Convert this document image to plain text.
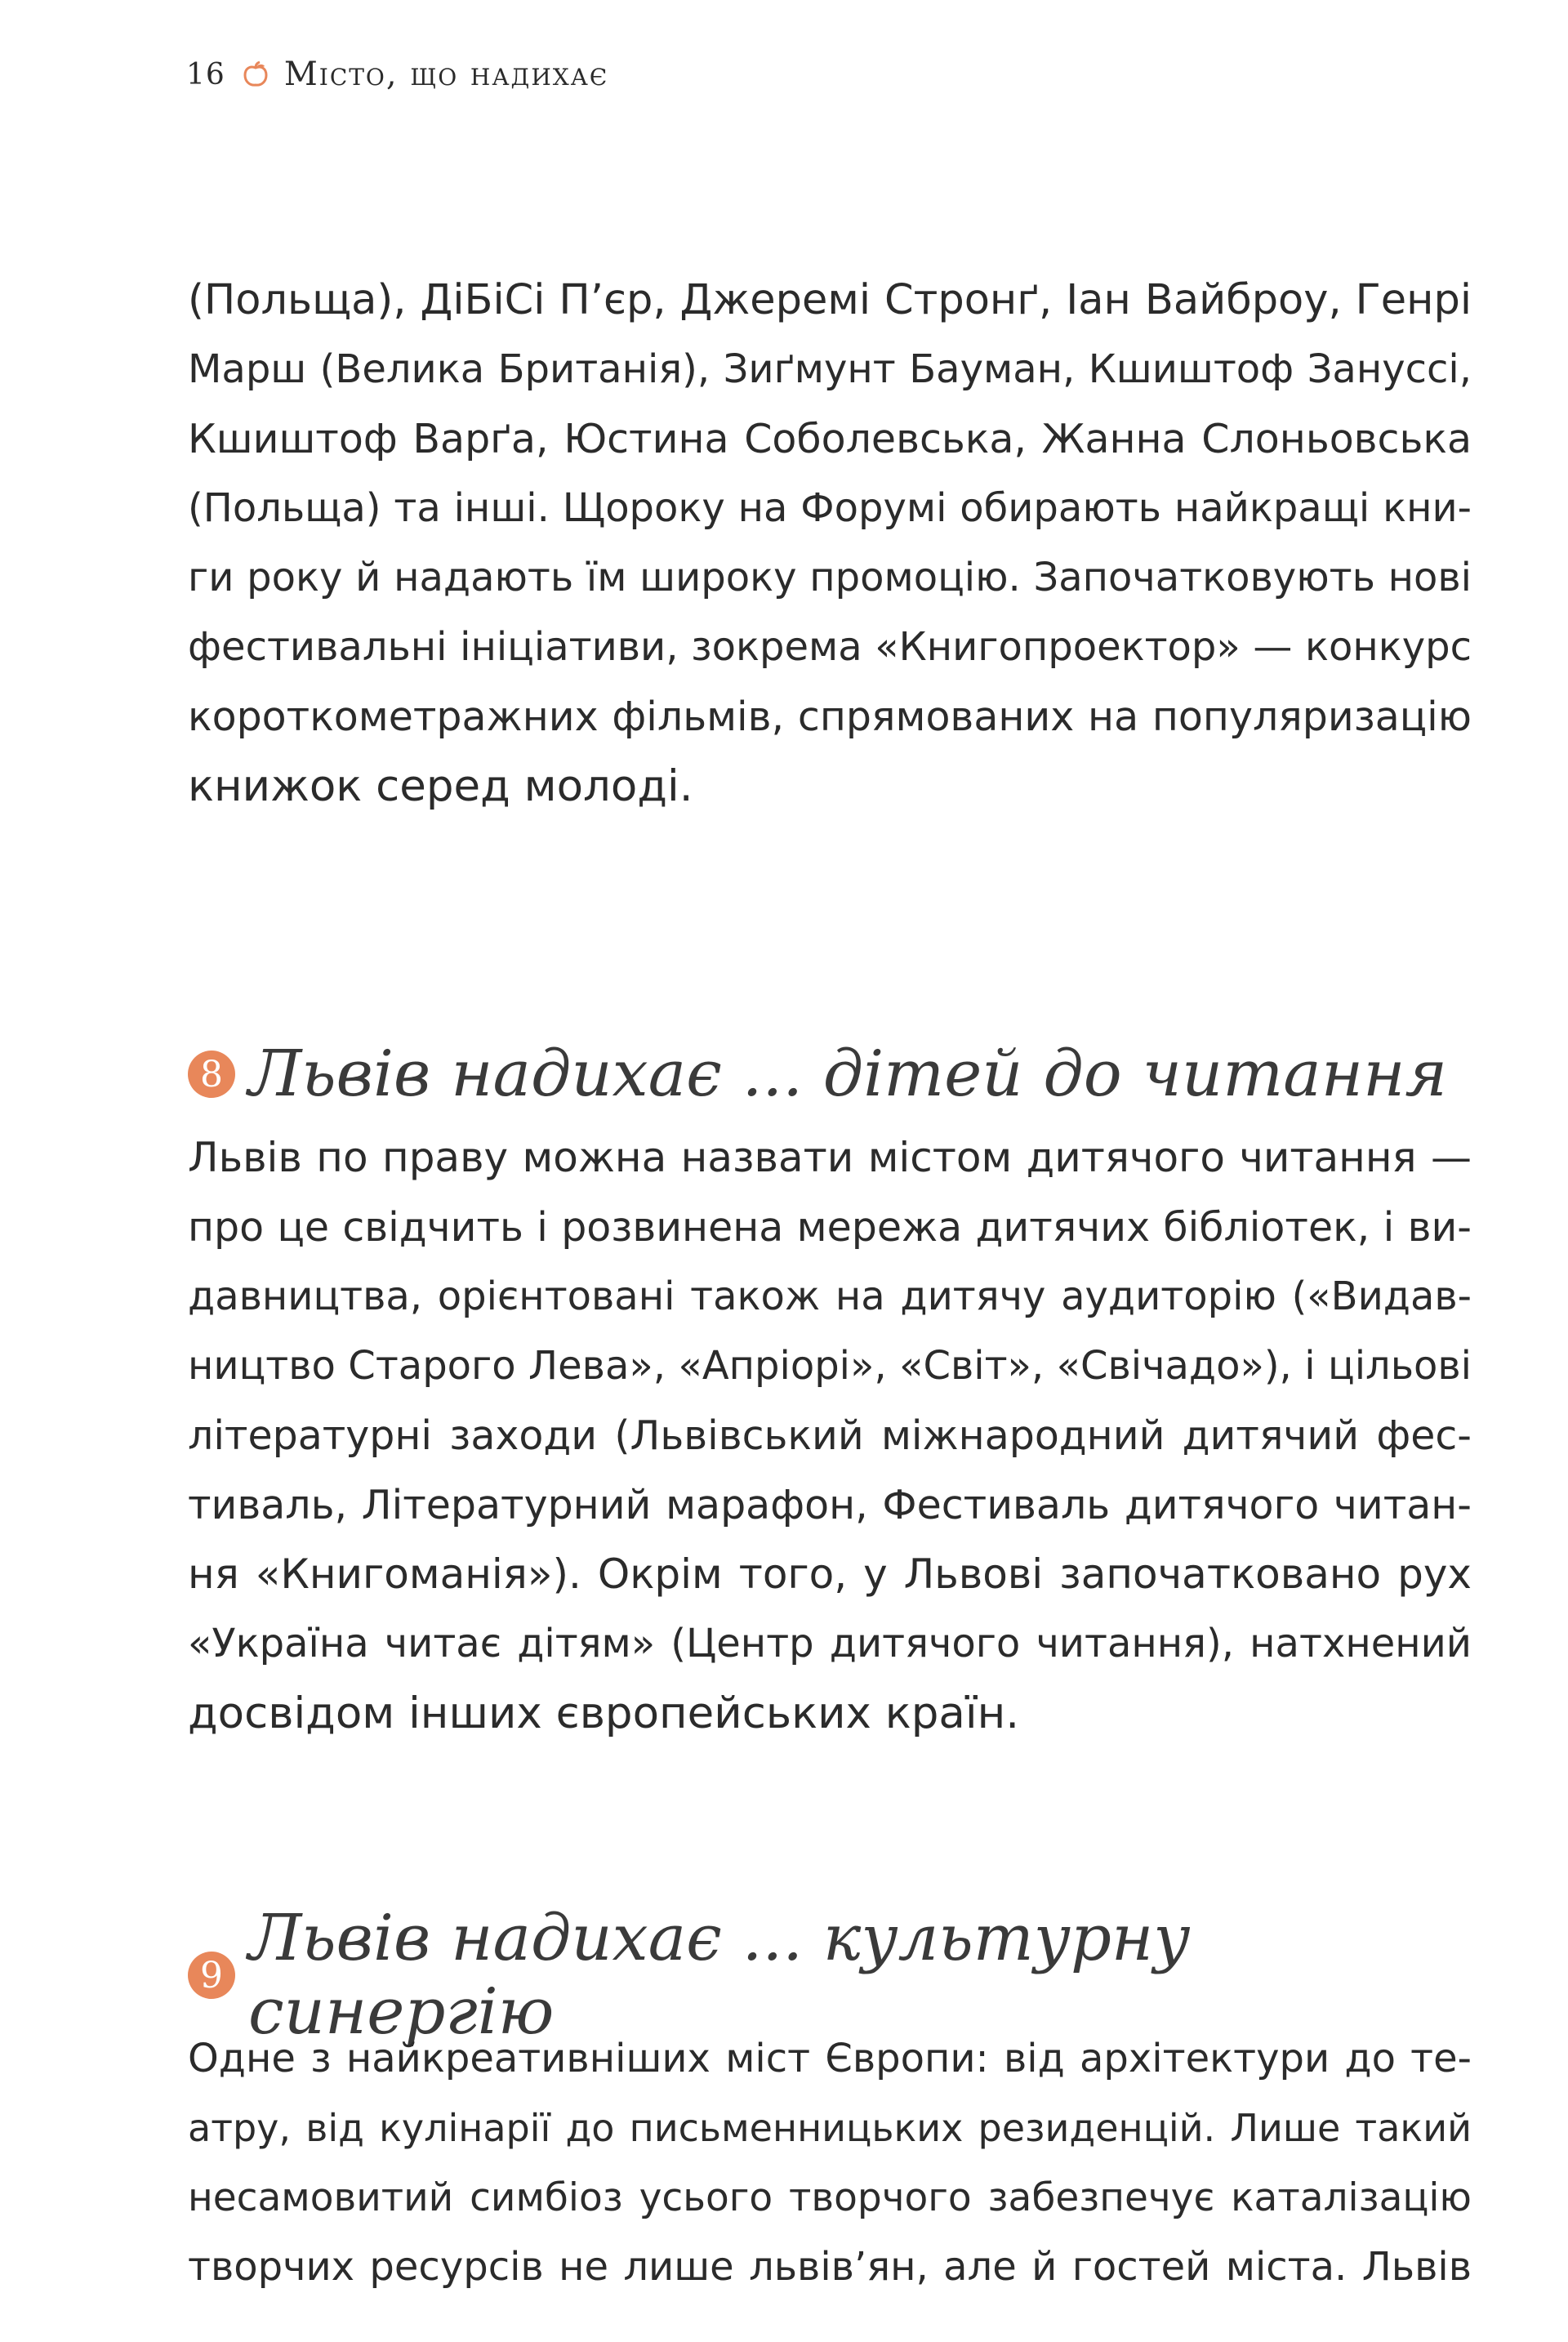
16 Місто, що надихає

(Польща), ДіБіСі П’єр, Джеремі Стронґ, Іан Вайброу, Генрі
Марш (Велика Британія), Зиґмунт Бауман, Кшиштоф Зануссі,
Кшиштоф Варґа, Юстина Соболевська, Жанна Слоньовська
(Польща) та інші. Щороку на Форумі обирають найкращі кни-
ги року й надають їм широку промоцію. Започатковують нові
фестивальні ініціативи, зокрема «Книгопроектор» — конкурс
короткометражних фільмів, спрямованих на популяризацію
книжок серед молоді.

8 Львів надихає ... дітей до читання

Львів по праву можна назвати містом дитячого читання —
про це свідчить і розвинена мережа дитячих бібліотек, і ви-
давництва, орієнтовані також на дитячу аудиторію («Видав-
ництво Старого Лева», «Апріорі», «Світ», «Свічадо»), і цільові
літературні заходи (Львівський міжнародний дитячий фес-
тиваль, Літературний марафон, Фестиваль дитячого читан-
ня «Книгоманія»). Окрім того, у Львові започатковано рух
«Україна читає дітям» (Центр дитячого читання), натхнений
досвідом інших європейських країн.

9 Львів надихає ... культурну синергію

Одне з найкреативніших міст Європи: від архітектури до те-
атру, від кулінарії до письменницьких резиденцій. Лише такий
несамовитий симбіоз усього творчого забезпечує каталізацію
творчих ресурсів не лише львів’ян, але й гостей міста. Львів
